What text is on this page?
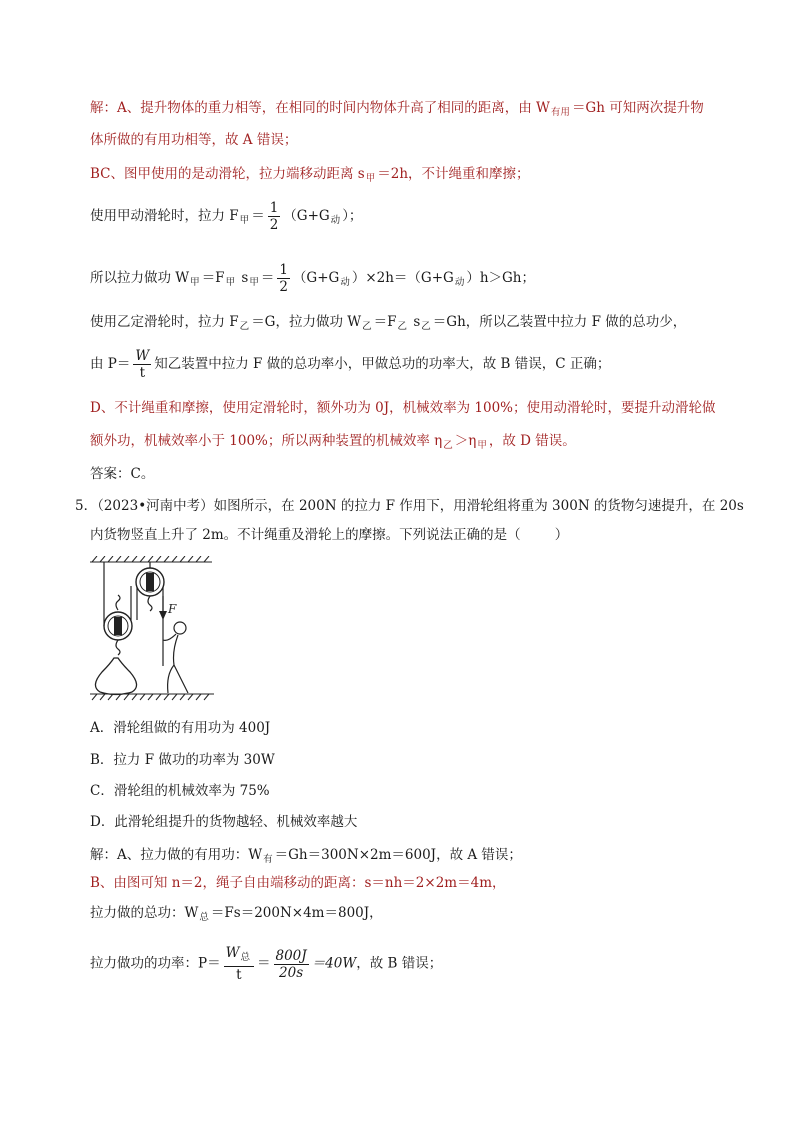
解：A、提升物体的重力相等，在相同的时间内物体升高了相同的距离，由 $W_{有用} =Gh$ 可知两次提升物
体所做的有用功相等，故 A 错误；
BC、图甲使用的是动滑轮，拉力端移动距离 $s_甲 =2h$，不计绳重和摩擦；
使用甲动滑轮时，拉力 $F_甲 = \frac{1}{2} (G+G_动$ ）；
所以拉力做功 $W_甲 =F_甲$ $s_甲 = \frac{1}{2} (G+G_动$ ）$\times 2h=(G+G_动$ ）h＞Gh；
使用乙定滑轮时，拉力 $F_乙 =G$，拉力做功 $W_乙 =F_乙$ $s_乙 =Gh$，所以乙装置中拉力 F 做的总功少，
由 $P= \frac{W}{t}$ 知乙装置中拉力 F 做的总功率小，甲做总功的功率大，故 B 错误，C 正确；
D、不计绳重和摩擦，使用定滑轮时，额外功为 0J，机械效率为 100%；使用动滑轮时，要提升动滑轮做
额外功，机械效率小于 100%；所以两种装置的机械效率 $\eta_乙 >\eta_甲$ ，故 D 错误。
答案：C。
5．（2023•河南中考）如图所示，在 200N 的拉力 F 作用下，用滑轮组将重为 300N 的货物匀速提升，在 20s
内货物竖直上升了 2m。不计绳重及滑轮上的摩擦。下列说法正确的是（	）
F
A．滑轮组做的有用功为 400J
B．拉力 F 做功的功率为 30W
C．滑轮组的机械效率为 75%
D．此滑轮组提升的货物越轻、机械效率越大
解：A、拉力做的有用功：$W_有 =Gh=300N\times 2m=600J$，故 A 错误；
B、由图可知 n＝2，绳子自由端移动的距离：s＝nh＝2×2m＝4m，
拉力做的总功：$W_总 =Fs=200N\times 4m=800J$，
拉力做功的功率：$P= \frac{W_总}{t} = \frac{800J}{20s} =40W$，故 B 错误；
